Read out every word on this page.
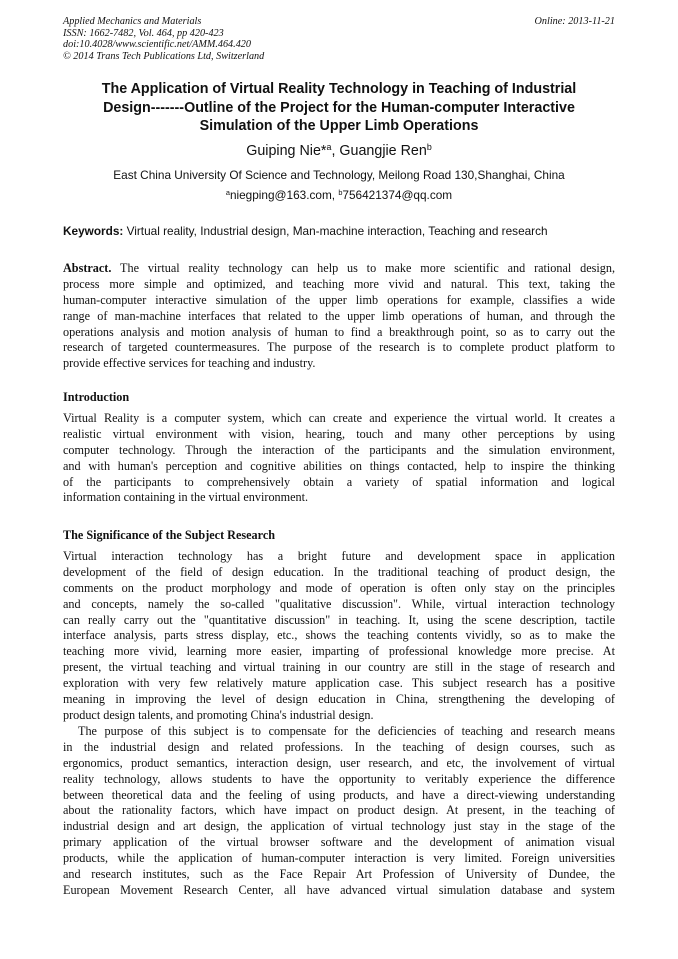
Applied Mechanics and Materials
ISSN: 1662-7482, Vol. 464, pp 420-423
doi:10.4028/www.scientific.net/AMM.464.420
© 2014 Trans Tech Publications Ltd, Switzerland
Online: 2013-11-21
The Application of Virtual Reality Technology in Teaching of Industrial
Design-------Outline of the Project for the Human-computer Interactive
Simulation of the Upper Limb Operations
Guiping Nie*$^a$, Guangjie Ren$^b$
East China University Of Science and Technology, Meilong Road 130,Shanghai, China
$^a$niegping@163.com, $^b$756421374@qq.com
Keywords: Virtual reality, Industrial design, Man-machine interaction, Teaching and research
Abstract. The virtual reality technology can help us to make more scientific and rational design,
process more simple and optimized, and teaching more vivid and natural. This text, taking the
human-computer interactive simulation of the upper limb operations for example, classifies a wide
range of man-machine interfaces that related to the upper limb operations of human, and through the
operations analysis and motion analysis of human to find a breakthrough point, so as to carry out the
research of targeted countermeasures. The purpose of the research is to complete product platform to
provide effective services for teaching and industry.
Introduction
Virtual Reality is a computer system, which can create and experience the virtual world. It creates a
realistic virtual environment with vision, hearing, touch and many other perceptions by using
computer technology. Through the interaction of the participants and the simulation environment,
and with human's perception and cognitive abilities on things contacted, help to inspire the thinking
of the participants to comprehensively obtain a variety of spatial information and logical
information containing in the virtual environment.
The Significance of the Subject Research
Virtual interaction technology has a bright future and development space in application
development of the field of design education. In the traditional teaching of product design, the
comments on the product morphology and mode of operation is often only stay on the principles
and concepts, namely the so-called "qualitative discussion". While, virtual interaction technology
can really carry out the "quantitative discussion" in teaching. It, using the scene description, tactile
interface analysis, parts stress display, etc., shows the teaching contents vividly, so as to make the
teaching more vivid, learning more easier, imparting of professional knowledge more precise. At
present, the virtual teaching and virtual training in our country are still in the stage of research and
exploration with very few relatively mature application case. This subject research has a positive
meaning in improving the level of design education in China, strengthening the developing of
product design talents, and promoting China's industrial design.
The purpose of this subject is to compensate for the deficiencies of teaching and research means
in the industrial design and related professions. In the teaching of design courses, such as
ergonomics, product semantics, interaction design, user research, and etc, the involvement of virtual
reality technology, allows students to have the opportunity to veritably experience the difference
between theoretical data and the feeling of using products, and have a direct-viewing understanding
about the rationality factors, which have impact on product design. At present, in the teaching of
industrial design and art design, the application of virtual technology just stay in the stage of the
primary application of the virtual browser software and the development of animation visual
products, while the application of human-computer interaction is very limited. Foreign universities
and research institutes, such as the Face Repair Art Profession of University of Dundee, the
European Movement Research Center, all have advanced virtual simulation database and system
